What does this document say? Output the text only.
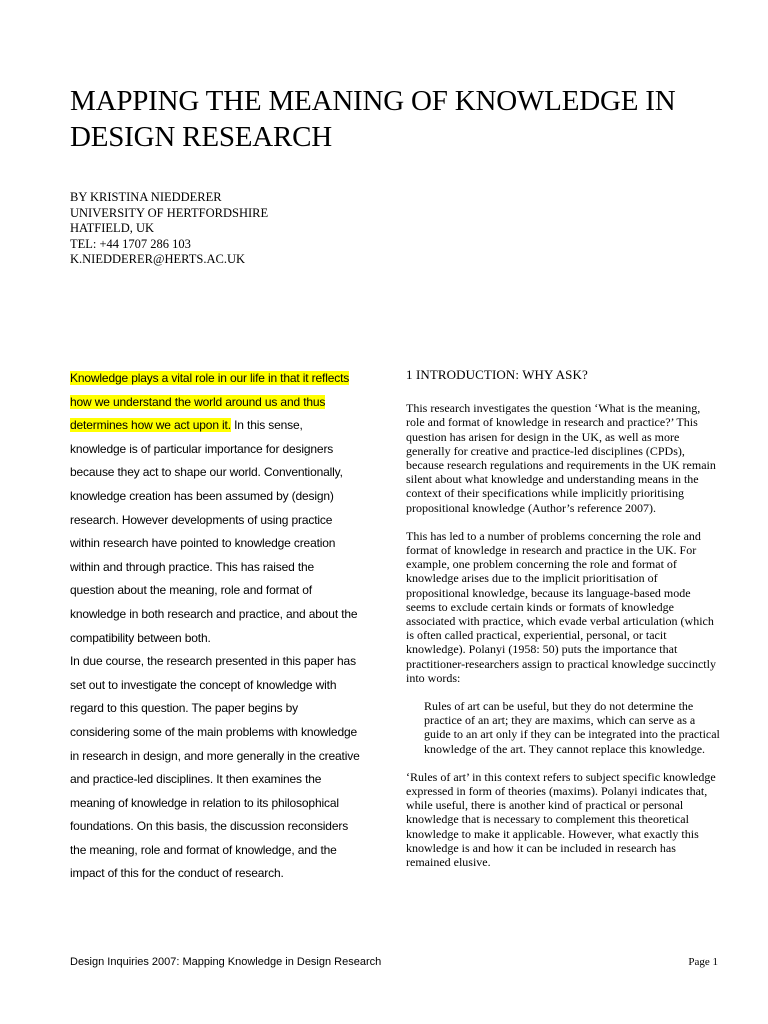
MAPPING THE MEANING OF KNOWLEDGE IN DESIGN RESEARCH
BY KRISTINA NIEDDERER
UNIVERSITY OF HERTFORDSHIRE
HATFIELD, UK
TEL: +44 1707 286 103
K.NIEDDERER@HERTS.AC.UK

Knowledge plays a vital role in our life in that it reflects how we understand the world around us and thus determines how we act upon it. In this sense, knowledge is of particular importance for designers because they act to shape our world. Conventionally, knowledge creation has been assumed by (design) research. However developments of using practice within research have pointed to knowledge creation within and through practice. This has raised the question about the meaning, role and format of knowledge in both research and practice, and about the compatibility between both.

In due course, the research presented in this paper has set out to investigate the concept of knowledge with regard to this question. The paper begins by considering some of the main problems with knowledge in research in design, and more generally in the creative and practice-led disciplines. It then examines the meaning of knowledge in relation to its philosophical foundations. On this basis, the discussion reconsiders the meaning, role and format of knowledge, and the impact of this for the conduct of research.

1 INTRODUCTION: WHY ASK?

This research investigates the question ‘What is the meaning, role and format of knowledge in research and practice?’ This question has arisen for design in the UK, as well as more generally for creative and practice-led disciplines (CPDs), because research regulations and requirements in the UK remain silent about what knowledge and understanding means in the context of their specifications while implicitly prioritising propositional knowledge (Author’s reference 2007).

This has led to a number of problems concerning the role and format of knowledge in research and practice in the UK. For example, one problem concerning the role and format of knowledge arises due to the implicit prioritisation of propositional knowledge, because its language-based mode seems to exclude certain kinds or formats of knowledge associated with practice, which evade verbal articulation (which is often called practical, experiential, personal, or tacit knowledge). Polanyi (1958: 50) puts the importance that practitioner-researchers assign to practical knowledge succinctly into words:

Rules of art can be useful, but they do not determine the practice of an art; they are maxims, which can serve as a guide to an art only if they can be integrated into the practical knowledge of the art. They cannot replace this knowledge.

‘Rules of art’ in this context refers to subject specific knowledge expressed in form of theories (maxims). Polanyi indicates that, while useful, there is another kind of practical or personal knowledge that is necessary to complement this theoretical knowledge to make it applicable. However, what exactly this knowledge is and how it can be included in research has remained elusive.

Design Inquiries 2007: Mapping Knowledge in Design Research	Page 1
